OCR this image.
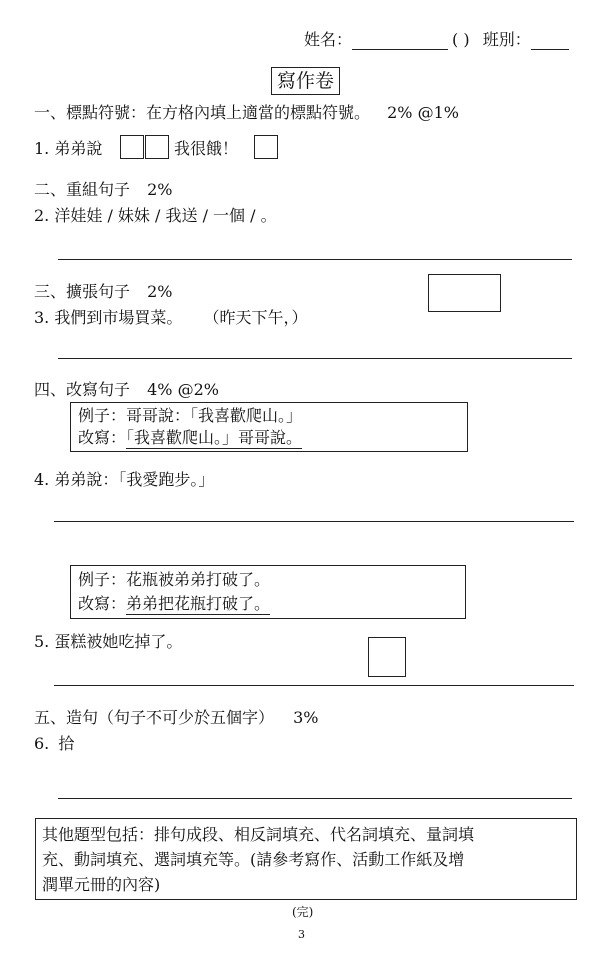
姓名：	( ) 班別：
寫作卷
一、標點符號：在方格內填上適當的標點符號。 2% @1%
1. 弟弟說	我很餓！
二、重組句子 2%
2. 洋娃娃 / 妹妹 / 我送 / 一個 / 。
三、擴張句子 2%
3. 我們到市場買菜。 （昨天下午，）
四、改寫句子 4% @2%
例子：哥哥說：「我喜歡爬山。」
改寫：「我喜歡爬山。」哥哥說。
4. 弟弟說：「我愛跑步。」
例子：花瓶被弟弟打破了。
改寫：弟弟把花瓶打破了。
5. 蛋糕被她吃掉了。
五、造句（句子不可少於五個字） 3%
6. 拾
其他題型包括：排句成段、相反詞填充、代名詞填充、量詞填
充、動詞填充、選詞填充等。(請參考寫作、活動工作紙及增
潤單元冊的內容)
(完)
3
